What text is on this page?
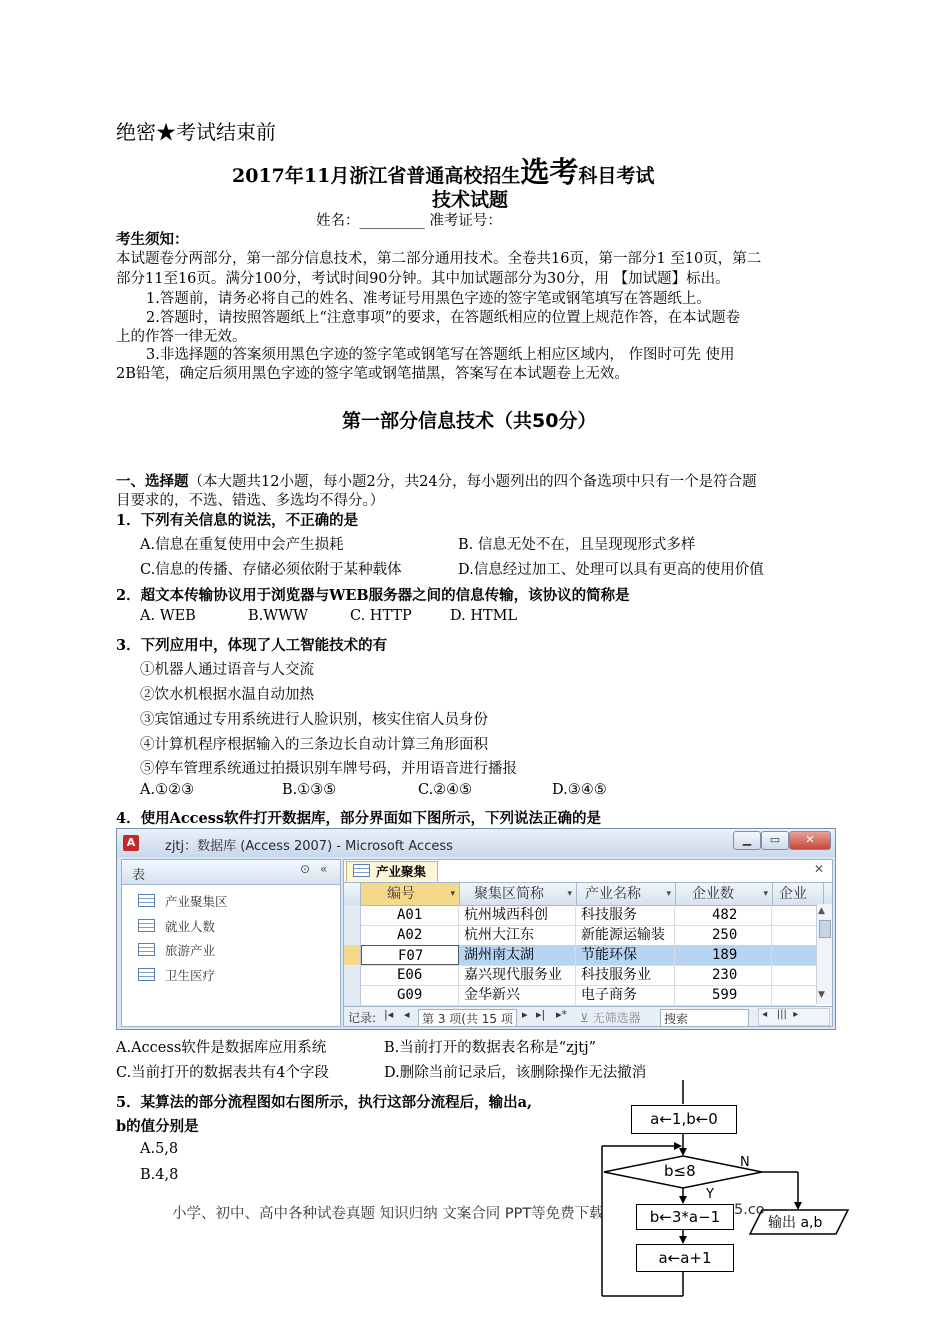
绝密★考试结束前
2017年11月浙江省普通高校招生选考科目考试
技术试题
姓名：_________ 准考证号：
考生须知：
本试题卷分两部分，第一部分信息技术，第二部分通用技术。全卷共16页，第一部分1 至10页，第二
部分11至16页。满分100分，考试时间90分钟。其中加试题部分为30分，用 【加试题】标出。
1.答题前，请务必将自己的姓名、准考证号用黑色字迹的签字笔或钢笔填写在答题纸上。
2.答题时，请按照答题纸上“注意事项”的要求，在答题纸相应的位置上规范作答，在本试题卷
上的作答一律无效。
3.非选择题的答案须用黑色字迹的签字笔或钢笔写在答题纸上相应区域内， 作图时可先 使用
2B铅笔，确定后须用黑色字迹的签字笔或钢笔描黑，答案写在本试题卷上无效。
第一部分信息技术（共50分）
一、选择题（本大题共12小题，每小题2分，共24分，每小题列出的四个备选项中只有一个是符合题
目要求的，不选、错选、多选均不得分。）
1．下列有关信息的说法，不正确的是
A.信息在重复使用中会产生损耗	B. 信息无处不在，且呈现现形式多样
C.信息的传播、存储必须依附于某种载体	D.信息经过加工、处理可以具有更高的使用价值
2．超文本传输协议用于浏览器与WEB服务器之间的信息传输，该协议的简称是
A. WEB	B.WWW	C. HTTP	D. HTML
3．下列应用中，体现了人工智能技术的有
①机器人通过语音与人交流
②饮水机根据水温自动加热
③宾馆通过专用系统进行人脸识别，核实住宿人员身份
④计算机程序根据输入的三条边长自动计算三角形面积
⑤停车管理系统通过拍摄识别车牌号码，并用语音进行播报
A.①②③	B.①③⑤	C.②④⑤	D.③④⑤
4．使用Access软件打开数据库，部分界面如下图所示，下列说法正确的是
A zjtj：数据库 (Access 2007) - Microsoft Access	▁	▭	✕
表	⊙ «
产业聚集区
就业人数
旅游产业
卫生医疗
产业聚集	✕
编号	▾	聚集区简称	▾ 产业名称	▾	企业数	▾ 企业
A01	杭州城西科创	科技服务	482
A02	杭州大江东	新能源运输装	250
F07	湖州南太湖	节能环保	189
E06	嘉兴现代服务业	科技服务业	230
G09	金华新兴	电子商务	599
▲
▼
记录: |◂ ◂	第 3 项(共 15 项 ▸ ▸| ▸* ⊻ 无筛选器	搜索	◂   |||  ▸
A.Access软件是数据库应用系统	B.当前打开的数据表名称是“zjtj”
C.当前打开的数据表共有4个字段	D.删除当前记录后，该删除操作无法撤消
5．某算法的部分流程图如右图所示，执行这部分流程后，输出a,
b的值分别是
A.5,8
B.4,8
a←1,b←0
b≤8	N
Y
b←3*a−1
a←a+1
输出 a,b
小学、初中、高中各种试卷真题 知识归纳 文案合同 PPT等免费下载	5.co
